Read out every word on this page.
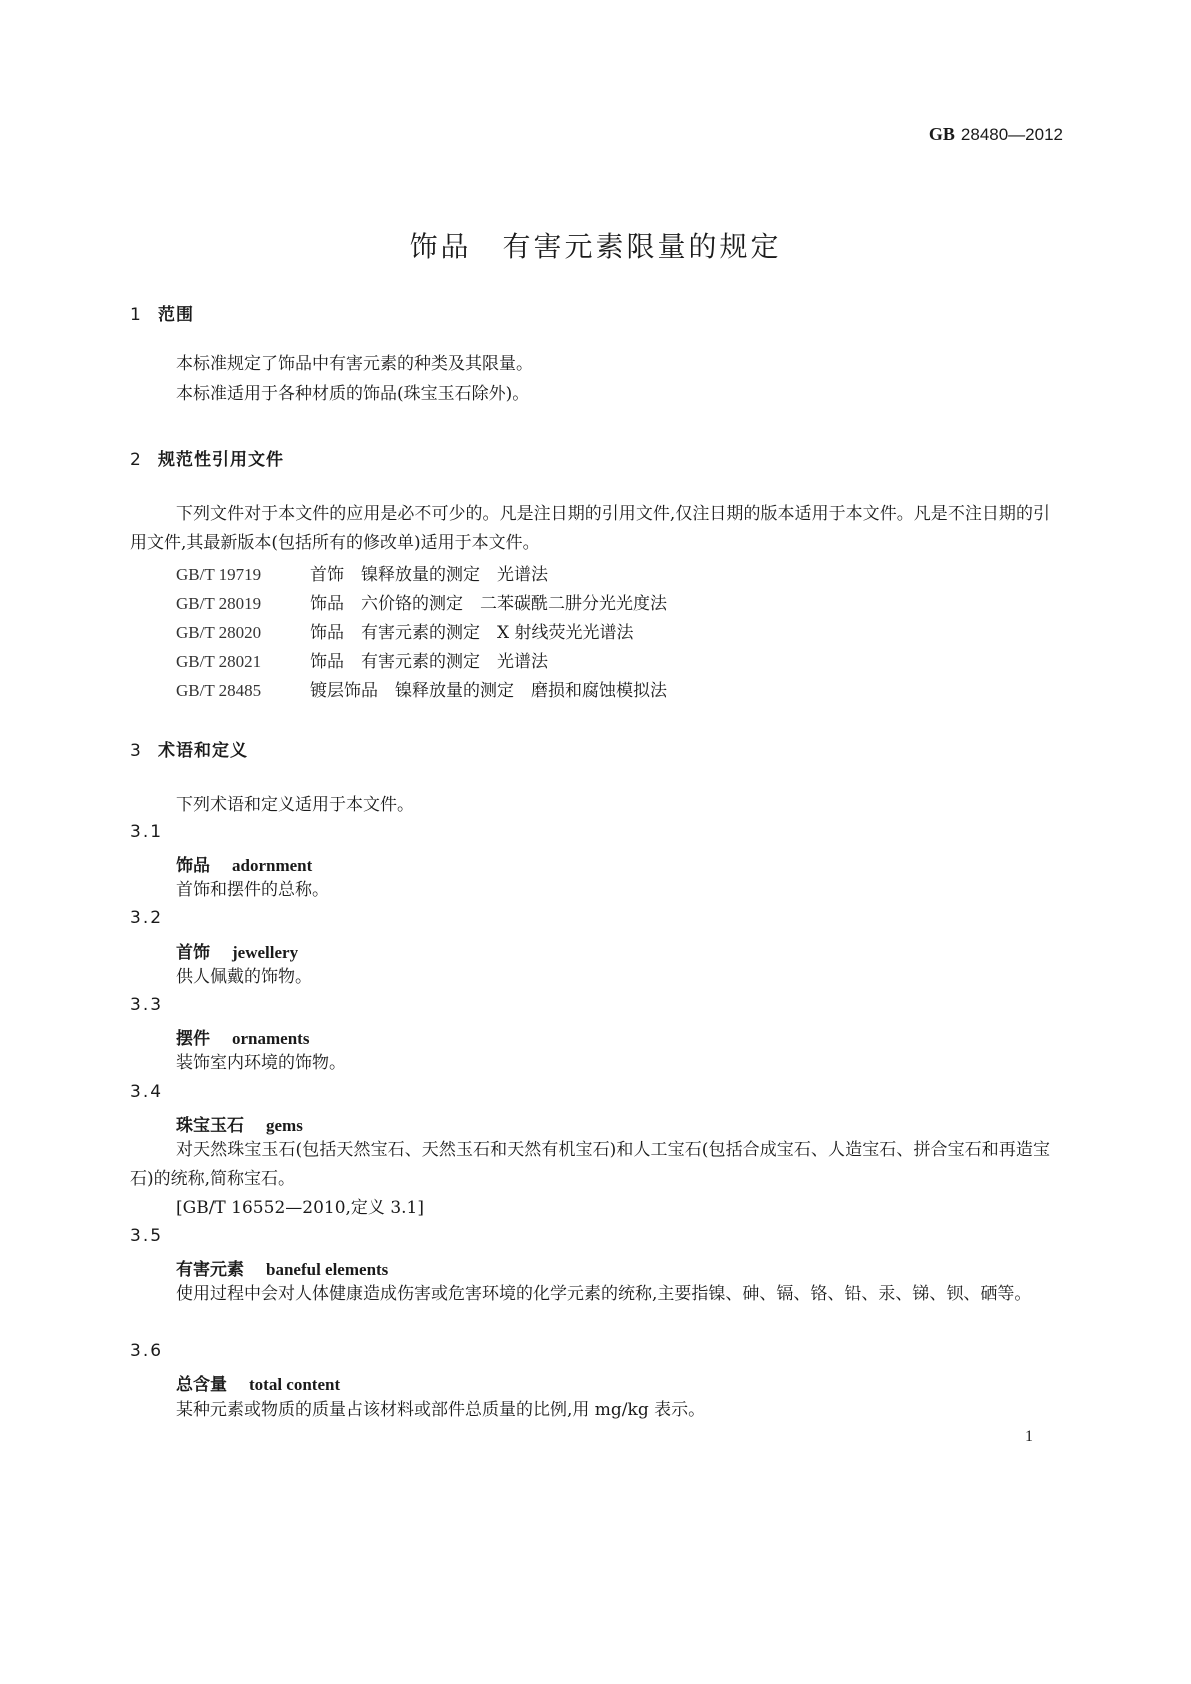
GB 28480—2012
饰品　有害元素限量的规定
1 范围
本标准规定了饰品中有害元素的种类及其限量。
本标准适用于各种材质的饰品(珠宝玉石除外)。
2 规范性引用文件
下列文件对于本文件的应用是必不可少的。凡是注日期的引用文件,仅注日期的版本适用于本文件。凡是不注日期的引用文件,其最新版本(包括所有的修改单)适用于本文件。
GB/T 19719	首饰　镍释放量的测定　光谱法
GB/T 28019	饰品　六价铬的测定　二苯碳酰二肼分光光度法
GB/T 28020	饰品　有害元素的测定　X 射线荧光光谱法
GB/T 28021	饰品　有害元素的测定　光谱法
GB/T 28485	镀层饰品　镍释放量的测定　磨损和腐蚀模拟法
3 术语和定义
下列术语和定义适用于本文件。
3.1
饰品 adornment
首饰和摆件的总称。
3.2
首饰 jewellery
供人佩戴的饰物。
3.3
摆件 ornaments
装饰室内环境的饰物。
3.4
珠宝玉石 gems
对天然珠宝玉石(包括天然宝石、天然玉石和天然有机宝石)和人工宝石(包括合成宝石、人造宝石、拼合宝石和再造宝石)的统称,简称宝石。
[GB/T 16552—2010,定义 3.1]
3.5
有害元素 baneful elements
使用过程中会对人体健康造成伤害或危害环境的化学元素的统称,主要指镍、砷、镉、铬、铅、汞、锑、钡、硒等。
3.6
总含量 total content
某种元素或物质的质量占该材料或部件总质量的比例,用 mg/kg 表示。
1
